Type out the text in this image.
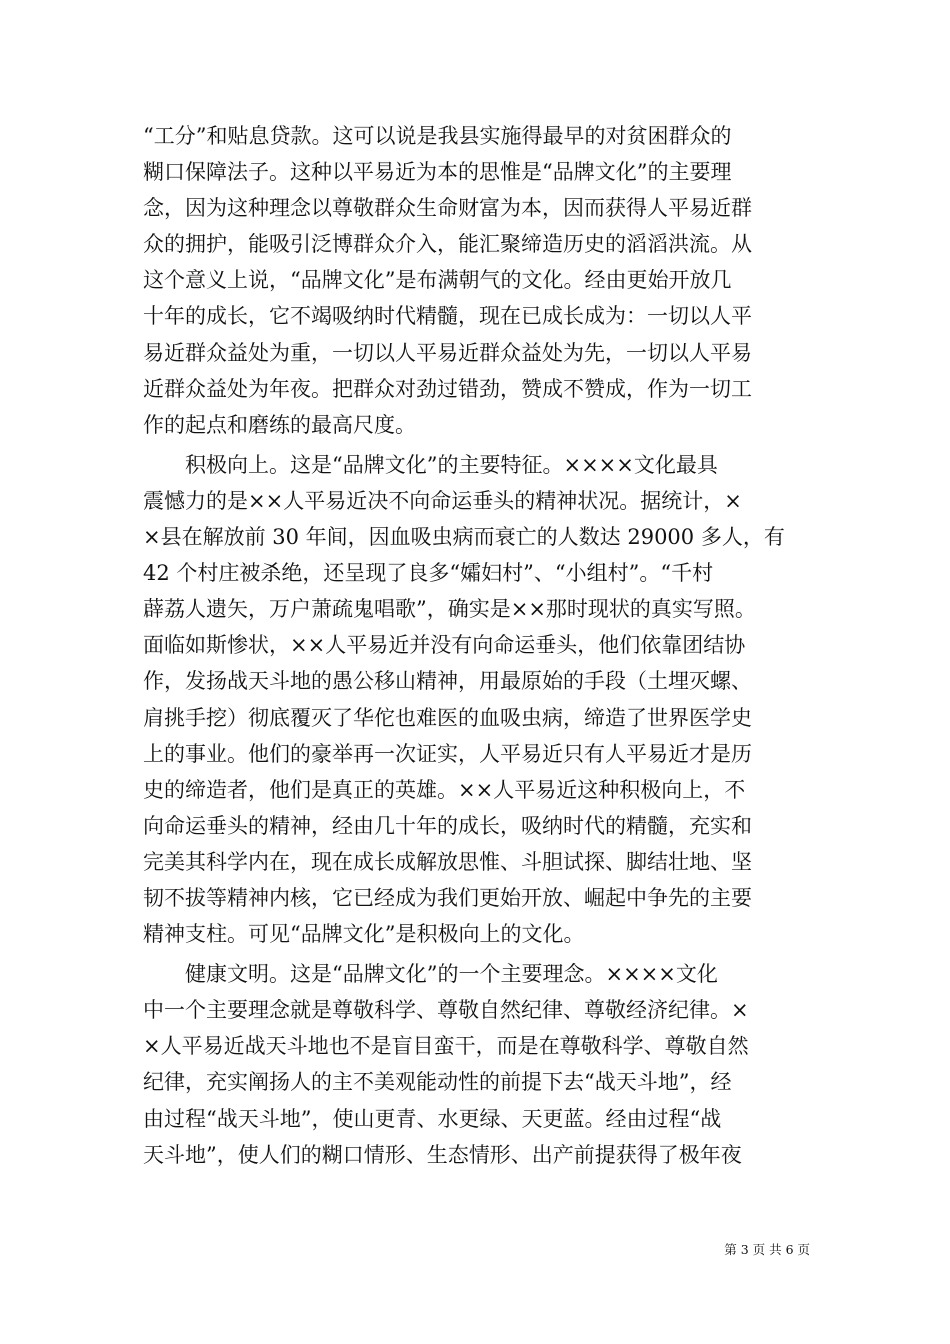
“工分”和贴息贷款。这可以说是我县实施得最早的对贫困群众的
糊口保障法子。这种以平易近为本的思惟是“品牌文化”的主要理
念，因为这种理念以尊敬群众生命财富为本，因而获得人平易近群
众的拥护，能吸引泛博群众介入，能汇聚缔造历史的滔滔洪流。从
这个意义上说，“品牌文化”是布满朝气的文化。经由更始开放几
十年的成长，它不竭吸纳时代精髓，现在已成长成为：一切以人平
易近群众益处为重，一切以人平易近群众益处为先，一切以人平易
近群众益处为年夜。把群众对劲过错劲，赞成不赞成，作为一切工
作的起点和磨练的最高尺度。
　　积极向上。这是“品牌文化”的主要特征。××××文化最具
震憾力的是××人平易近决不向命运垂头的精神状况。据统计，×
×县在解放前 30 年间，因血吸虫病而衰亡的人数达 29000 多人，有
42 个村庄被杀绝，还呈现了良多“孀妇村”、“小组村”。“千村
薜荔人遗矢，万户萧疏鬼唱歌”，确实是××那时现状的真实写照。
面临如斯惨状，××人平易近并没有向命运垂头，他们依靠团结协
作，发扬战天斗地的愚公移山精神，用最原始的手段（土埋灭螺、
肩挑手挖）彻底覆灭了华佗也难医的血吸虫病，缔造了世界医学史
上的事业。他们的豪举再一次证实，人平易近只有人平易近才是历
史的缔造者，他们是真正的英雄。××人平易近这种积极向上，不
向命运垂头的精神，经由几十年的成长，吸纳时代的精髓，充实和
完美其科学内在，现在成长成解放思惟、斗胆试探、脚结壮地、坚
韧不拔等精神内核，它已经成为我们更始开放、崛起中争先的主要
精神支柱。可见“品牌文化”是积极向上的文化。
　　健康文明。这是“品牌文化”的一个主要理念。××××文化
中一个主要理念就是尊敬科学、尊敬自然纪律、尊敬经济纪律。×
×人平易近战天斗地也不是盲目蛮干，而是在尊敬科学、尊敬自然
纪律，充实阐扬人的主不美观能动性的前提下去“战天斗地”，经
由过程“战天斗地”，使山更青、水更绿、天更蓝。经由过程“战
天斗地”，使人们的糊口情形、生态情形、出产前提获得了极年夜
第 3 页 共 6 页
